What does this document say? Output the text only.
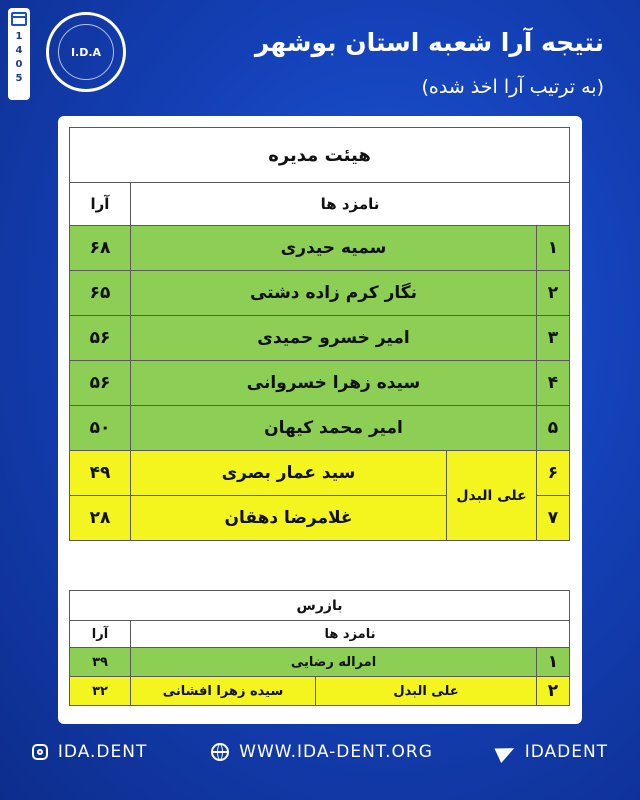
1
4
0
5
I.D.A	نتیجه آرا شعبه استان بوشهر
(به ترتیب آرا اخذ شده)
هیئت مدیره			
نامزد ها			آرا
۱	سمیه حیدری		۶۸
۲	نگار کرم زاده دشتی		۶۵
۳	امیر خسرو حمیدی		۵۶
۴	سیده زهرا خسروانی		۵۶
۵	امیر محمد کیهان		۵۰
۶	علی البدل	سید عمار بصری	۴۹
۷		غلامرضا دهقان	۲۸
بازرس			
نامزد ها			آرا
۱	امراله رضایی		۳۹
۲	علی البدل	سیده زهرا افشانی	۳۲
IDA.DENT	WWW.IDA-DENT.ORG	IDADENT
